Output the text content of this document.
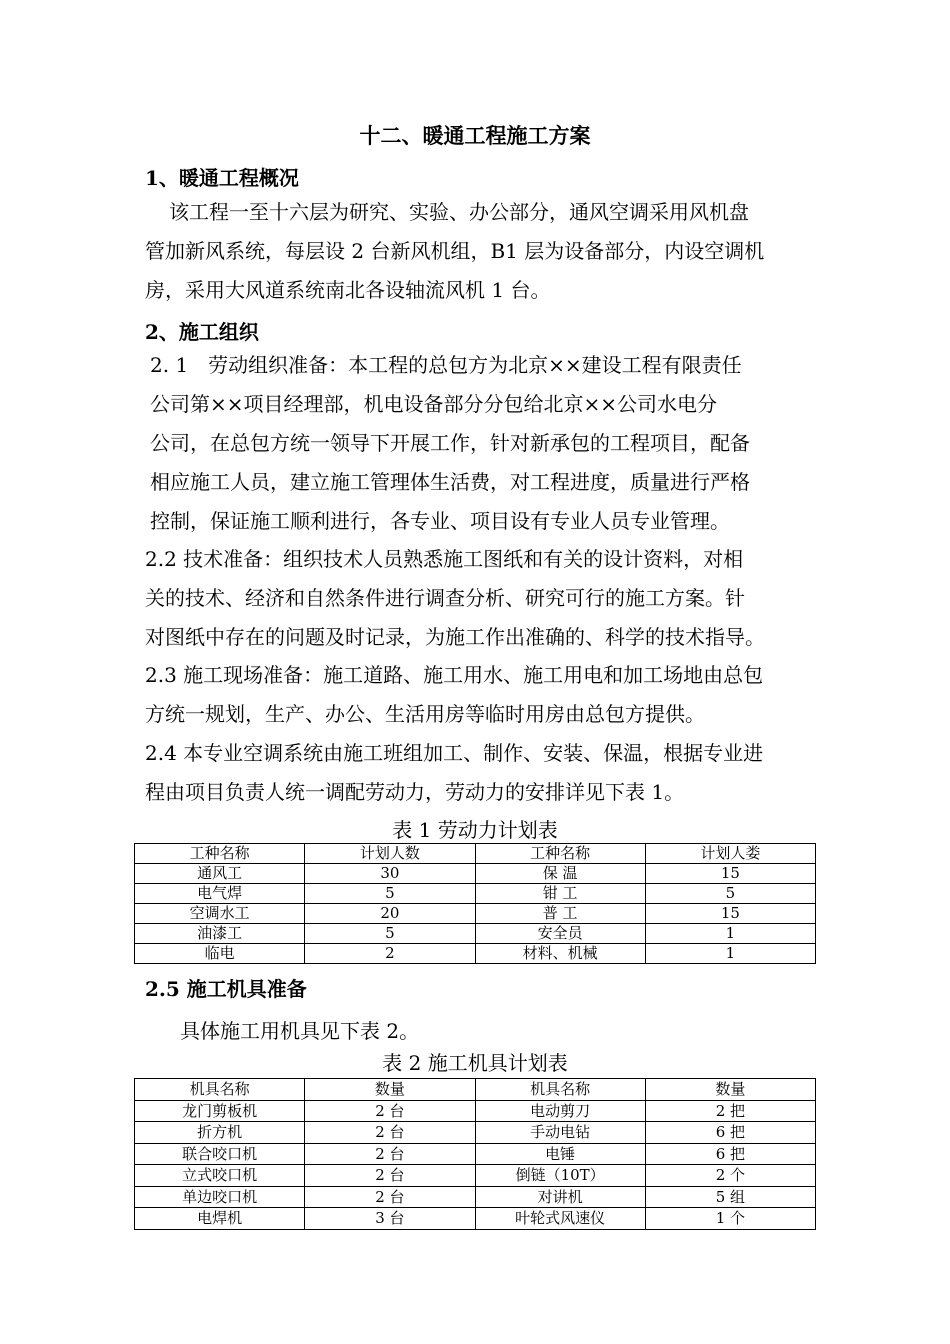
十二、暖通工程施工方案
1、暖通工程概况
该工程一至十六层为研究、实验、办公部分，通风空调采用风机盘
管加新风系统，每层设 2 台新风机组，B1 层为设备部分，内设空调机
房，采用大风道系统南北各设轴流风机 1 台。
2、施工组织
2. 1　劳动组织准备：本工程的总包方为北京××建设工程有限责任
公司第××项目经理部，机电设备部分分包给北京××公司水电分
公司，在总包方统一领导下开展工作，针对新承包的工程项目，配备
相应施工人员，建立施工管理体生活费，对工程进度，质量进行严格
控制，保证施工顺利进行，各专业、项目设有专业人员专业管理。
2.2 技术准备：组织技术人员熟悉施工图纸和有关的设计资料，对相
关的技术、经济和自然条件进行调查分析、研究可行的施工方案。针
对图纸中存在的问题及时记录，为施工作出准确的、科学的技术指导。
2.3 施工现场准备：施工道路、施工用水、施工用电和加工场地由总包
方统一规划，生产、办公、生活用房等临时用房由总包方提供。
2.4 本专业空调系统由施工班组加工、制作、安装、保温，根据专业进
程由项目负责人统一调配劳动力，劳动力的安排详见下表 1。
表 1 劳动力计划表
工种名称	计划人数	工种名称	计划人娄
通风工	30	保 温	15
电气焊	5	钳 工	5
空调水工	20	普 工	15
油漆工	5	安全员	1
临电	2	材料、机械	1
2.5 施工机具准备
具体施工用机具见下表 2。
表 2 施工机具计划表
机具名称	数量	机具名称	数量
龙门剪板机	2 台	电动剪刀	2 把
折方机	2 台	手动电钻	6 把
联合咬口机	2 台	电锤	6 把
立式咬口机	2 台	倒链（10T）	2 个
单边咬口机	2 台	对讲机	5 组
电焊机	3 台	叶轮式风速仪	1 个
